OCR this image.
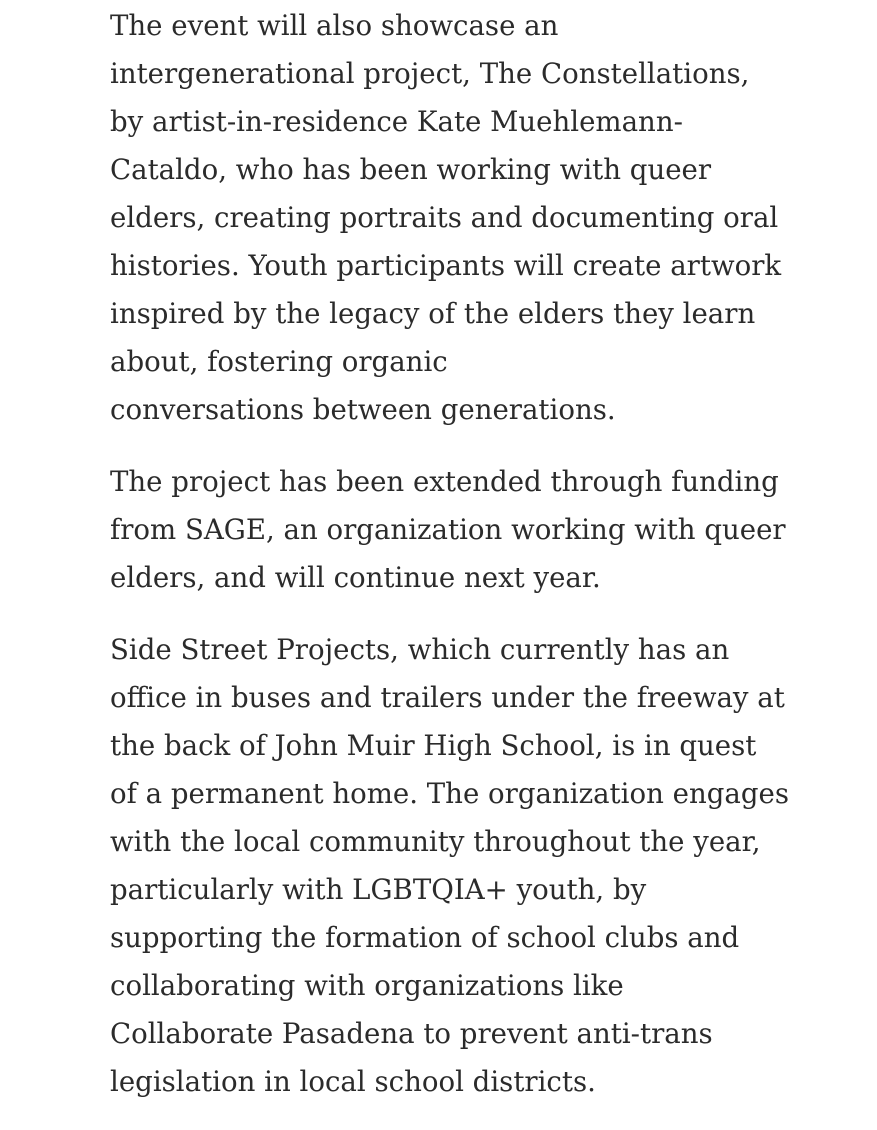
The event will also showcase an
intergenerational project, The Constellations,
by artist-in-residence Kate Muehlemann-
Cataldo, who has been working with queer
elders, creating portraits and documenting oral
histories. Youth participants will create artwork
inspired by the legacy of the elders they learn
about, fostering organic
conversations between generations.

The project has been extended through funding
from SAGE, an organization working with queer
elders, and will continue next year.

Side Street Projects, which currently has an
office in buses and trailers under the freeway at
the back of John Muir High School, is in quest
of a permanent home. The organization engages
with the local community throughout the year,
particularly with LGBTQIA+ youth, by
supporting the formation of school clubs and
collaborating with organizations like
Collaborate Pasadena to prevent anti-trans
legislation in local school districts.
